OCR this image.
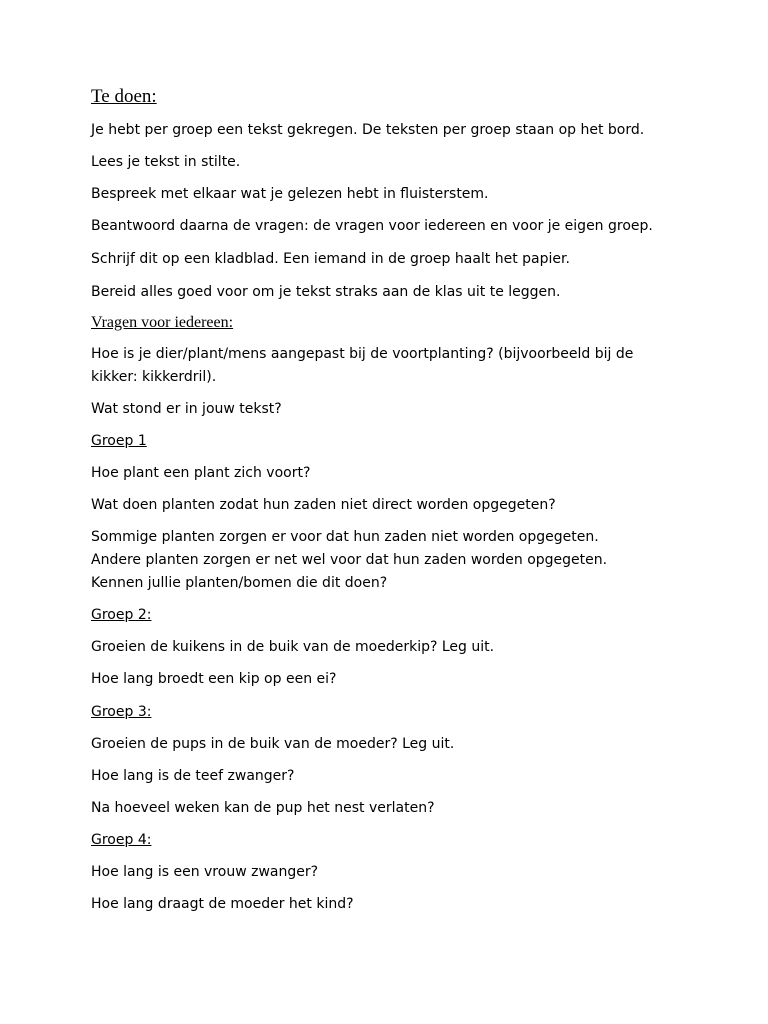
Te doen:
Je hebt per groep een tekst gekregen. De teksten per groep staan op het bord.
Lees je tekst in stilte.
Bespreek met elkaar wat je gelezen hebt in fluisterstem.
Beantwoord daarna de vragen: de vragen voor iedereen en voor je eigen groep.
Schrijf dit op een kladblad. Een iemand in de groep haalt het papier.
Bereid alles goed voor om je tekst straks aan de klas uit te leggen.
Vragen voor iedereen:
Hoe is je dier/plant/mens aangepast bij de voortplanting? (bijvoorbeeld bij de
kikker: kikkerdril).
Wat stond er in jouw tekst?
Groep 1
Hoe plant een plant zich voort?
Wat doen planten zodat hun zaden niet direct worden opgegeten?
Sommige planten zorgen er voor dat hun zaden niet worden opgegeten.
Andere planten zorgen er net wel voor dat hun zaden worden opgegeten.
Kennen jullie planten/bomen die dit doen?
Groep 2:
Groeien de kuikens in de buik van de moederkip? Leg uit.
Hoe lang broedt een kip op een ei?
Groep 3:
Groeien de pups in de buik van de moeder? Leg uit.
Hoe lang is de teef zwanger?
Na hoeveel weken kan de pup het nest verlaten?
Groep 4:
Hoe lang is een vrouw zwanger?
Hoe lang draagt de moeder het kind?
